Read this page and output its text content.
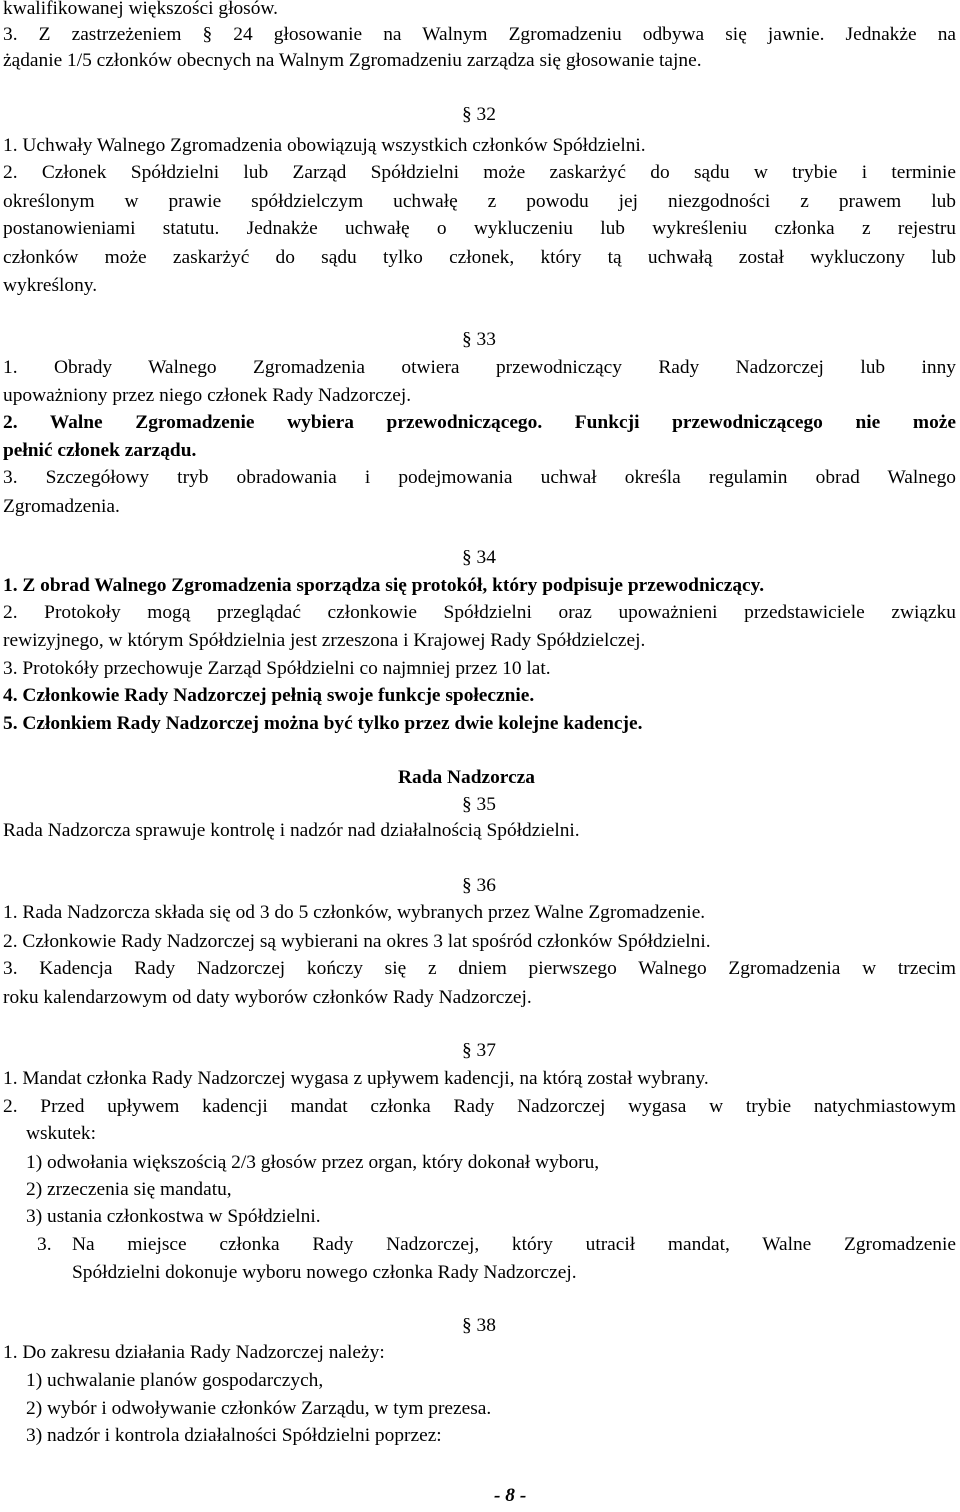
kwalifikowanej większości głosów.
3. Z zastrzeżeniem § 24 głosowanie na Walnym Zgromadzeniu odbywa się jawnie. Jednakże na
żądanie 1/5 członków obecnych na Walnym Zgromadzeniu zarządza się głosowanie tajne.
§ 32
1. Uchwały Walnego Zgromadzenia obowiązują wszystkich członków Spółdzielni.
2. Członek Spółdzielni lub Zarząd Spółdzielni może zaskarżyć do sądu w trybie i terminie
określonym w prawie spółdzielczym uchwałę z powodu jej niezgodności z prawem lub
postanowieniami statutu. Jednakże uchwałę o wykluczeniu lub wykreśleniu członka z rejestru
członków może zaskarżyć do sądu tylko członek, który tą uchwałą został wykluczony lub
wykreślony.
§ 33
1. Obrady Walnego Zgromadzenia otwiera przewodniczący Rady Nadzorczej lub inny
upoważniony przez niego członek Rady Nadzorczej.
2. Walne Zgromadzenie wybiera przewodniczącego. Funkcji przewodniczącego nie może
pełnić członek zarządu.
3. Szczegółowy tryb obradowania i podejmowania uchwał określa regulamin obrad Walnego
Zgromadzenia.
§ 34
1. Z obrad Walnego Zgromadzenia sporządza się protokół, który podpisuje przewodniczący.
2. Protokoły mogą przeglądać członkowie Spółdzielni oraz upoważnieni przedstawiciele związku
rewizyjnego, w którym Spółdzielnia jest zrzeszona i Krajowej Rady Spółdzielczej.
3. Protokóły przechowuje Zarząd Spółdzielni co najmniej przez 10 lat.
4. Członkowie Rady Nadzorczej pełnią swoje funkcje społecznie.
5. Członkiem Rady Nadzorczej można być tylko przez dwie kolejne kadencje.
Rada Nadzorcza
§ 35
Rada Nadzorcza sprawuje kontrolę i nadzór nad działalnością Spółdzielni.
§ 36
1. Rada Nadzorcza składa się od 3 do 5 członków, wybranych przez Walne Zgromadzenie.
2. Członkowie Rady Nadzorczej są wybierani na okres 3 lat spośród członków Spółdzielni.
3. Kadencja Rady Nadzorczej kończy się z dniem pierwszego Walnego Zgromadzenia w trzecim
roku kalendarzowym od daty wyborów członków Rady Nadzorczej.
§ 37
1. Mandat członka Rady Nadzorczej wygasa z upływem kadencji, na którą został wybrany.
2. Przed upływem kadencji mandat członka Rady Nadzorczej wygasa w trybie natychmiastowym
wskutek:
1) odwołania większością 2/3 głosów przez organ, który dokonał wyboru,
2) zrzeczenia się mandatu,
3) ustania członkostwa w Spółdzielni.
3. Na miejsce członka Rady Nadzorczej, który utracił mandat, Walne Zgromadzenie
Spółdzielni dokonuje wyboru nowego członka Rady Nadzorczej.
§ 38
1. Do zakresu działania Rady Nadzorczej należy:
1) uchwalanie planów gospodarczych,
2) wybór i odwoływanie członków Zarządu, w tym prezesa.
3) nadzór i kontrola działalności Spółdzielni poprzez:
- 8 -
